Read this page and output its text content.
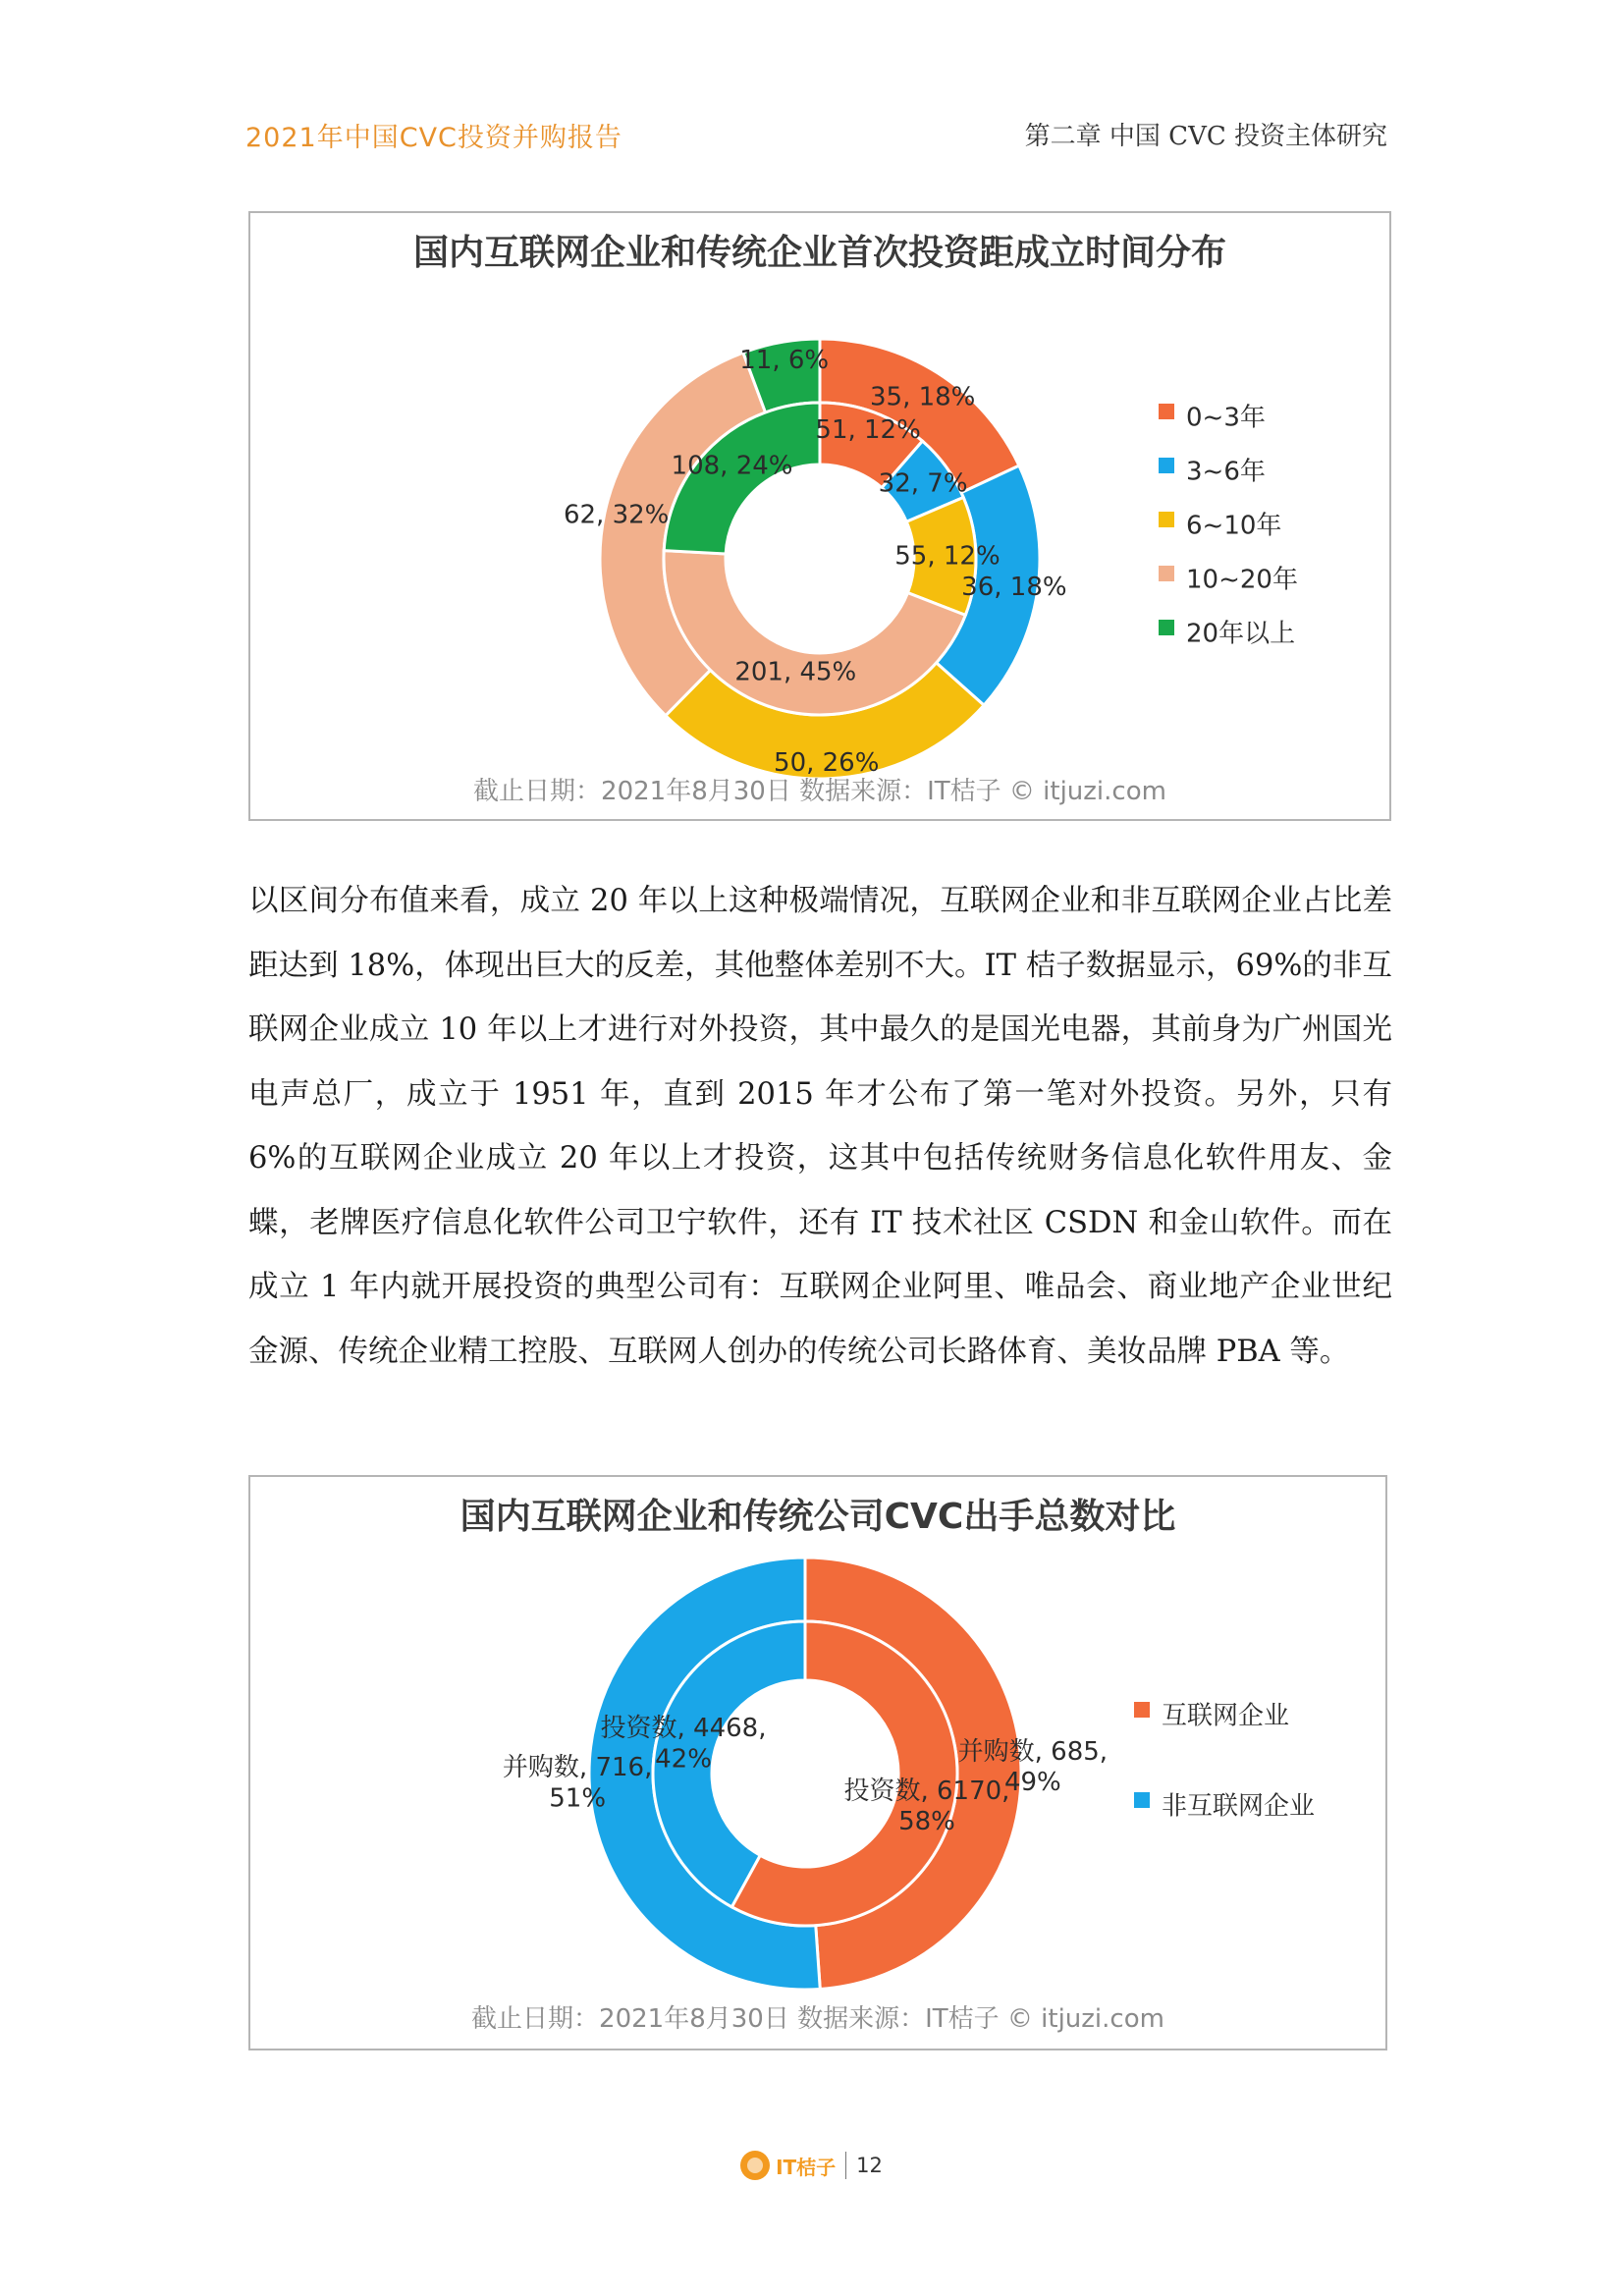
2021年中国CVC投资并购报告	第二章 中国 CVC 投资主体研究
国内互联网企业和传统企业首次投资距成立时间分布
35, 18%
36, 18%
50, 26%
62, 32%
11, 6%
51, 12%
32, 7%
55, 12%
201, 45%
108, 24%
0~3年
3~6年
6~10年
10~20年
20年以上
截止日期：2021年8月30日 数据来源：IT桔子 © itjuzi.com

以区间分布值来看，成立 20 年以上这种极端情况，互联网企业和非互联网企业占比差距达到 18%，体现出巨大的反差，其他整体差别不大。IT 桔子数据显示，69%的非互联网企业成立 10 年以上才进行对外投资，其中最久的是国光电器，其前身为广州国光电声总厂，成立于 1951 年，直到 2015 年才公布了第一笔对外投资。另外，只有 6%的互联网企业成立 20 年以上才投资，这其中包括传统财务信息化软件用友、金蝶，老牌医疗信息化软件公司卫宁软件，还有 IT 技术社区 CSDN 和金山软件。而在成立 1 年内就开展投资的典型公司有：互联网企业阿里、唯品会、商业地产企业世纪金源、传统企业精工控股、互联网人创办的传统公司长路体育、美妆品牌 PBA 等。

国内互联网企业和传统公司CVC出手总数对比
并购数, 685, 49%
并购数, 716, 51%	投资数, 6170, 58%
投资数, 4468, 42%
互联网企业
非互联网企业
截止日期：2021年8月30日 数据来源：IT桔子 © itjuzi.com
IT桔子 12
